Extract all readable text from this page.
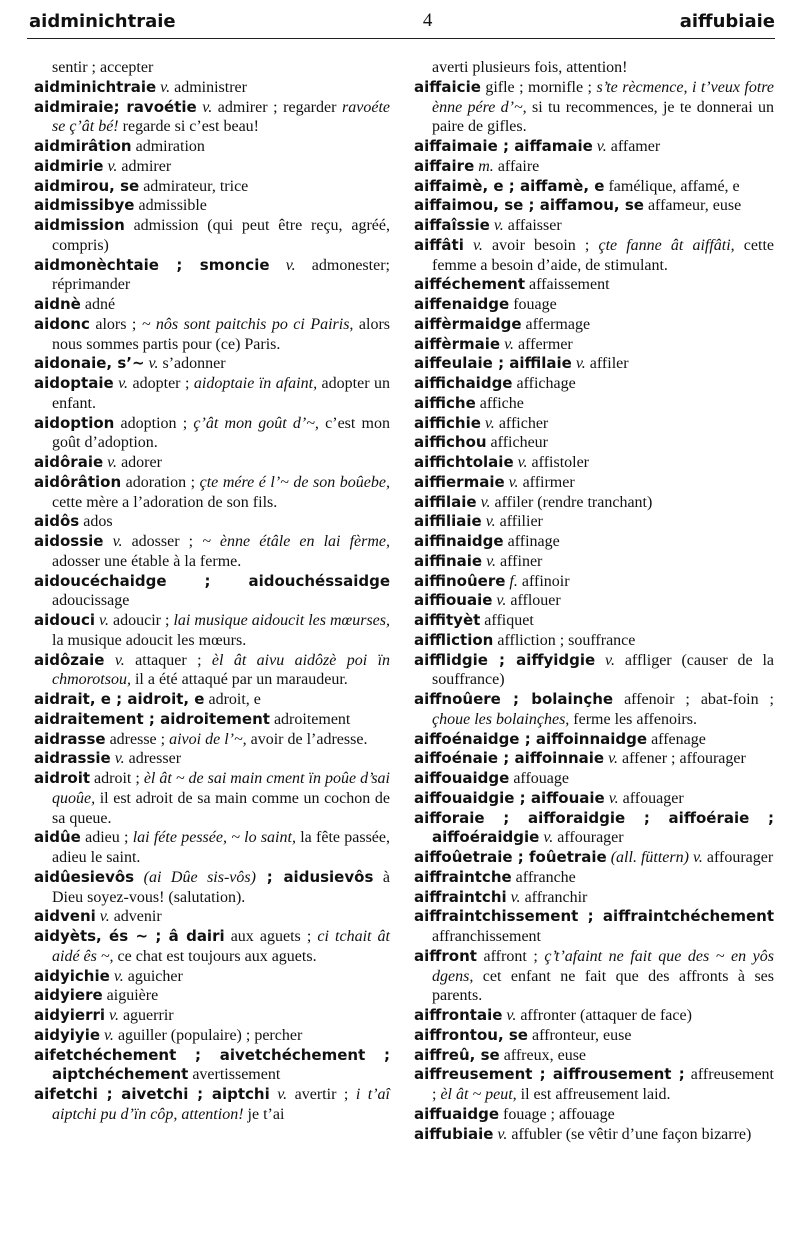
aidminichtraie	4	aiffubiaie
sentir ; accepter
aidminichtraie v. administrer
aidmiraie; ravoétie v. admirer ; regarder ravoéte se ç’ât bé! regarde si c’est beau!
aidmirâtion admiration
aidmirie v. admirer
aidmirou, se admirateur, trice
aidmissibye admissible
aidmission admission (qui peut être reçu, agréé, compris)
aidmonèchtaie ; smoncie v. admonester; réprimander
aidnè adné
aidonc alors ; ~ nôs sont paitchis po ci Pairis, alors nous sommes partis pour (ce) Paris.
aidonaie, s’~ v. s’adonner
aidoptaie v. adopter ; aidoptaie ïn afaint, adopter un enfant.
aidoption adoption ; ç’ât mon goût d’~, c’est mon goût d’adoption.
aidôraie v. adorer
aidôrâtion adoration ; çte mére é l’~ de son boûebe, cette mère a l’adoration de son fils.
aidôs ados
aidossie v. adosser ; ~ ènne étâle en lai fèrme, adosser une étable à la ferme.
aidoucéchaidge ; aidouchéssaidge adoucissage
aidouci v. adoucir ; lai musique aidoucit les mœurses, la musique adoucit les mœurs.
aidôzaie v. attaquer ; èl ât aivu aidôzè poi ïn chmorotsou, il a été attaqué par un maraudeur.
aidrait, e ; aidroit, e adroit, e
aidraitement ; aidroitement adroitement
aidrasse adresse ; aivoi de l’~, avoir de l’adresse.
aidrassie v. adresser
aidroit adroit ; èl ât ~ de sai main cment ïn poûe d’sai quoûe, il est adroit de sa main comme un cochon de sa queue.
aidûe adieu ; lai féte pessée, ~ lo saint, la fête passée, adieu le saint.
aidûesievôs (ai Dûe sis-vôs) ; aidusievôs à Dieu soyez-vous! (salutation).
aidveni v. advenir
aidyèts, és ~ ; â dairi aux aguets ; ci tchait ât aidé ês ~, ce chat est toujours aux aguets.
aidyichie v. aguicher
aidyiere aiguière
aidyierri v. aguerrir
aidyiyie v. aguiller (populaire) ; percher
aifetchéchement ; aivetchéchement ; aiptchéchement avertissement
aifetchi ; aivetchi ; aiptchi v. avertir ; i t’aî aiptchi pu d’ïn côp, attention! je t’ai
averti plusieurs fois, attention!
aiffaicie gifle ; mornifle ; s’te rècmence, i t’veux fotre ènne pére d’~, si tu recommences, je te donnerai un paire de gifles.
aiffaimaie ; aiffamaie v. affamer
aiffaire m. affaire
aiffaimè, e ; aiffamè, e famélique, affamé, e
aiffaimou, se ; aiffamou, se affameur, euse
aiffaîssie v. affaisser
aiffâti v. avoir besoin ; çte fanne ât aiffâti, cette femme a besoin d’aide, de stimulant.
aifféchement affaissement
aiffenaidge fouage
aiffèrmaidge affermage
aiffèrmaie v. affermer
aiffeulaie ; aiffilaie v. affiler
aiffichaidge affichage
aiffiche affiche
aiffichie v. afficher
aiffichou afficheur
aiffichtolaie v. affistoler
aiffiermaie v. affirmer
aiffilaie v. affiler (rendre tranchant)
aiffiliaie v. affilier
aiffinaidge affinage
aiffinaie v. affiner
aiffinoûere f. affinoir
aiffiouaie v. afflouer
aiffityèt affiquet
aiffliction affliction ; souffrance
aifflidgie ; aiffyidgie v. affliger (causer de la souffrance)
aiffnoûere ; bolainçhe affenoir ; abat-foin ; çhoue les bolainçhes, ferme les affenoirs.
aiffoénaidge ; aiffoinnaidge affenage
aiffoénaie ; aiffoinnaie v. affener ; affourager
aiffouaidge affouage
aiffouaidgie ; aiffouaie v. affouager
aifforaie ; aifforaidgie ; aiffoéraie ; aiffoéraidgie v. affourager
aiffoûetraie ; foûetraie (all. füttern) v. affourager
aiffraintche affranche
aiffraintchi v. affranchir
aiffraintchissement ; aiffraintchéchement affranchissement
aiffront affront ; ç’t’afaint ne fait que des ~ en yôs dgens, cet enfant ne fait que des affronts à ses parents.
aiffrontaie v. affronter (attaquer de face)
aiffrontou, se affronteur, euse
aiffreû, se affreux, euse
aiffreusement ; aiffrousement ; affreusement ; èl ât ~ peut, il est affreusement laid.
aiffuaidge fouage ; affouage
aiffubiaie v. affubler (se vêtir d’une façon bizarre)
